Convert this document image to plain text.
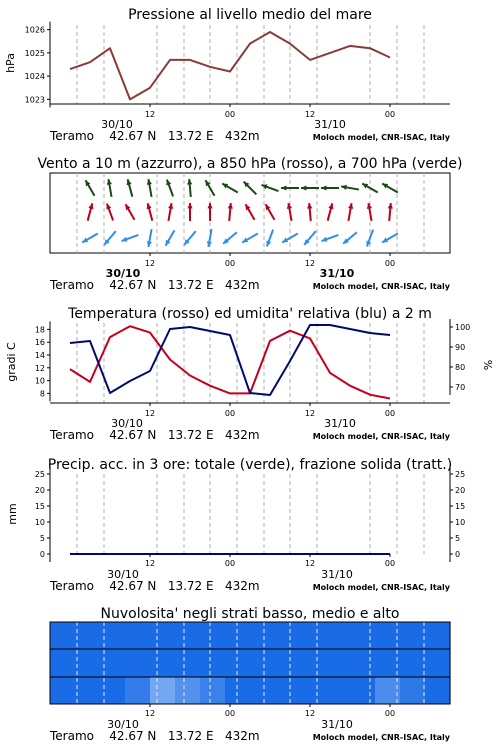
Pressione al livello medio del mare
hPa
1023
1024
1025
1026
12	00	12	00
30/10	31/10
Teramo    42.67 N   13.72 E   432m	Moloch model, CNR-ISAC, Italy
Vento a 10 m (azzurro), a 850 hPa (rosso), a 700 hPa (verde)
12	00	12	00
30/10	31/10
Teramo    42.67 N   13.72 E   432m	Moloch model, CNR-ISAC, Italy
Temperatura (rosso) ed umidita' relativa (blu) a 2 m
gradi C	%
8
10
12
14
16
18
70
80
90
100
12	00	12	00
Teramo    42.67 N   13.72 E   432m	Moloch model, CNR-ISAC, Italy
30/10	31/10
Precip. acc. in 3 ore: totale (verde), frazione solida (tratt.)
mm
0
5
10
15
20
25
0
5
10
15
20
25
12	00	12	00
30/10	31/10
Teramo    42.67 N   13.72 E   432m	Moloch model, CNR-ISAC, Italy
Nuvolosita' negli strati basso, medio e alto
12	00	12	00
30/10	31/10
Teramo    42.67 N   13.72 E   432m	Moloch model, CNR-ISAC, Italy
